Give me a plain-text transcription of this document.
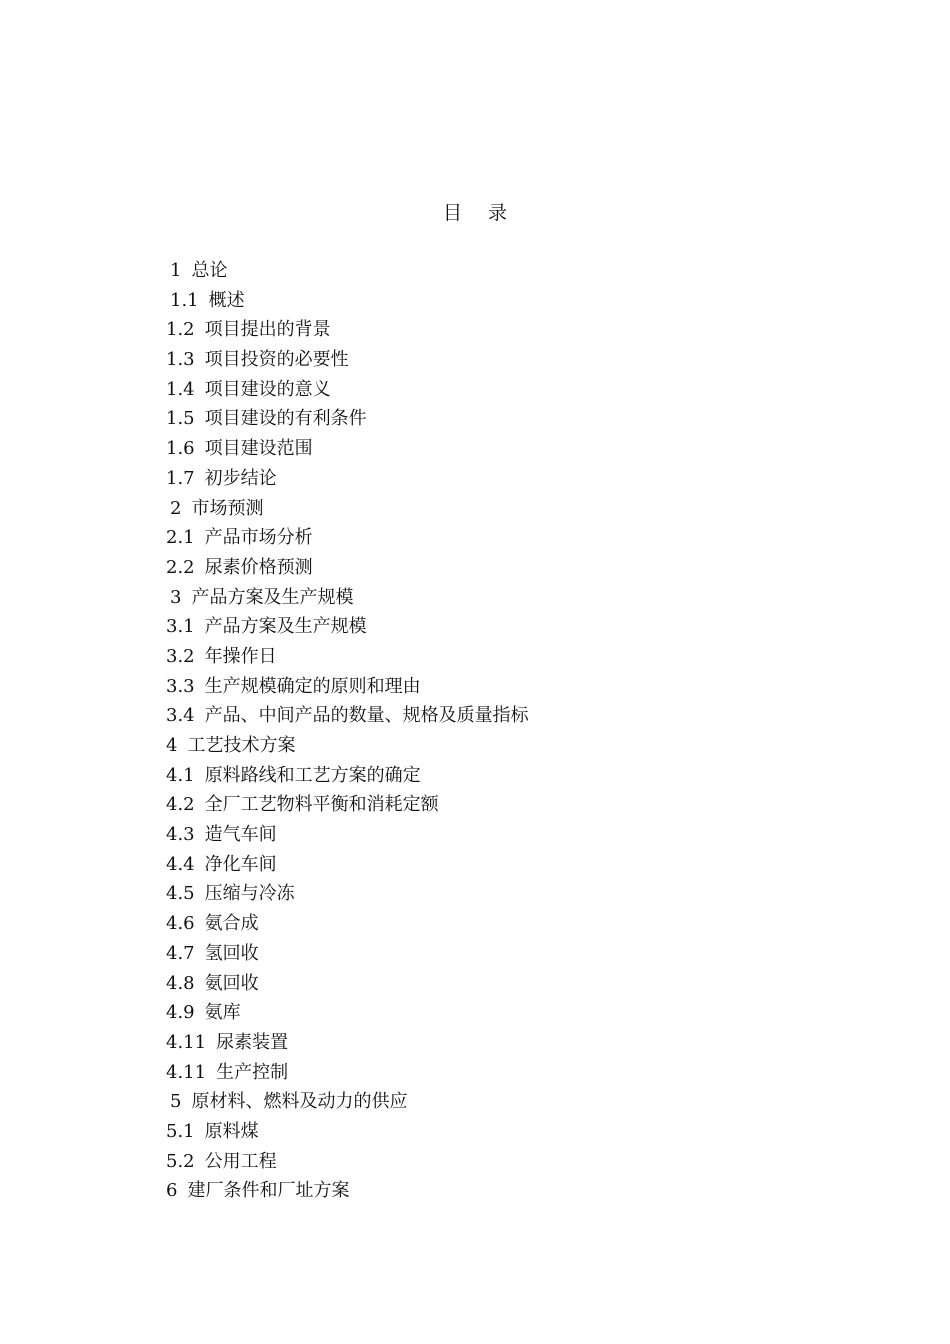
目 录
1 总论
1.1 概述
1.2 项目提出的背景
1.3 项目投资的必要性
1.4 项目建设的意义
1.5 项目建设的有利条件
1.6 项目建设范围
1.7 初步结论
2 市场预测
2.1 产品市场分析
2.2 尿素价格预测
3 产品方案及生产规模
3.1 产品方案及生产规模
3.2 年操作日
3.3 生产规模确定的原则和理由
3.4 产品、中间产品的数量、规格及质量指标
4 工艺技术方案
4.1 原料路线和工艺方案的确定
4.2 全厂工艺物料平衡和消耗定额
4.3 造气车间
4.4 净化车间
4.5 压缩与冷冻
4.6 氨合成
4.7 氢回收
4.8 氨回收
4.9 氨库
4.11 尿素装置
4.11 生产控制
5 原材料、燃料及动力的供应
5.1 原料煤
5.2 公用工程
6 建厂条件和厂址方案
